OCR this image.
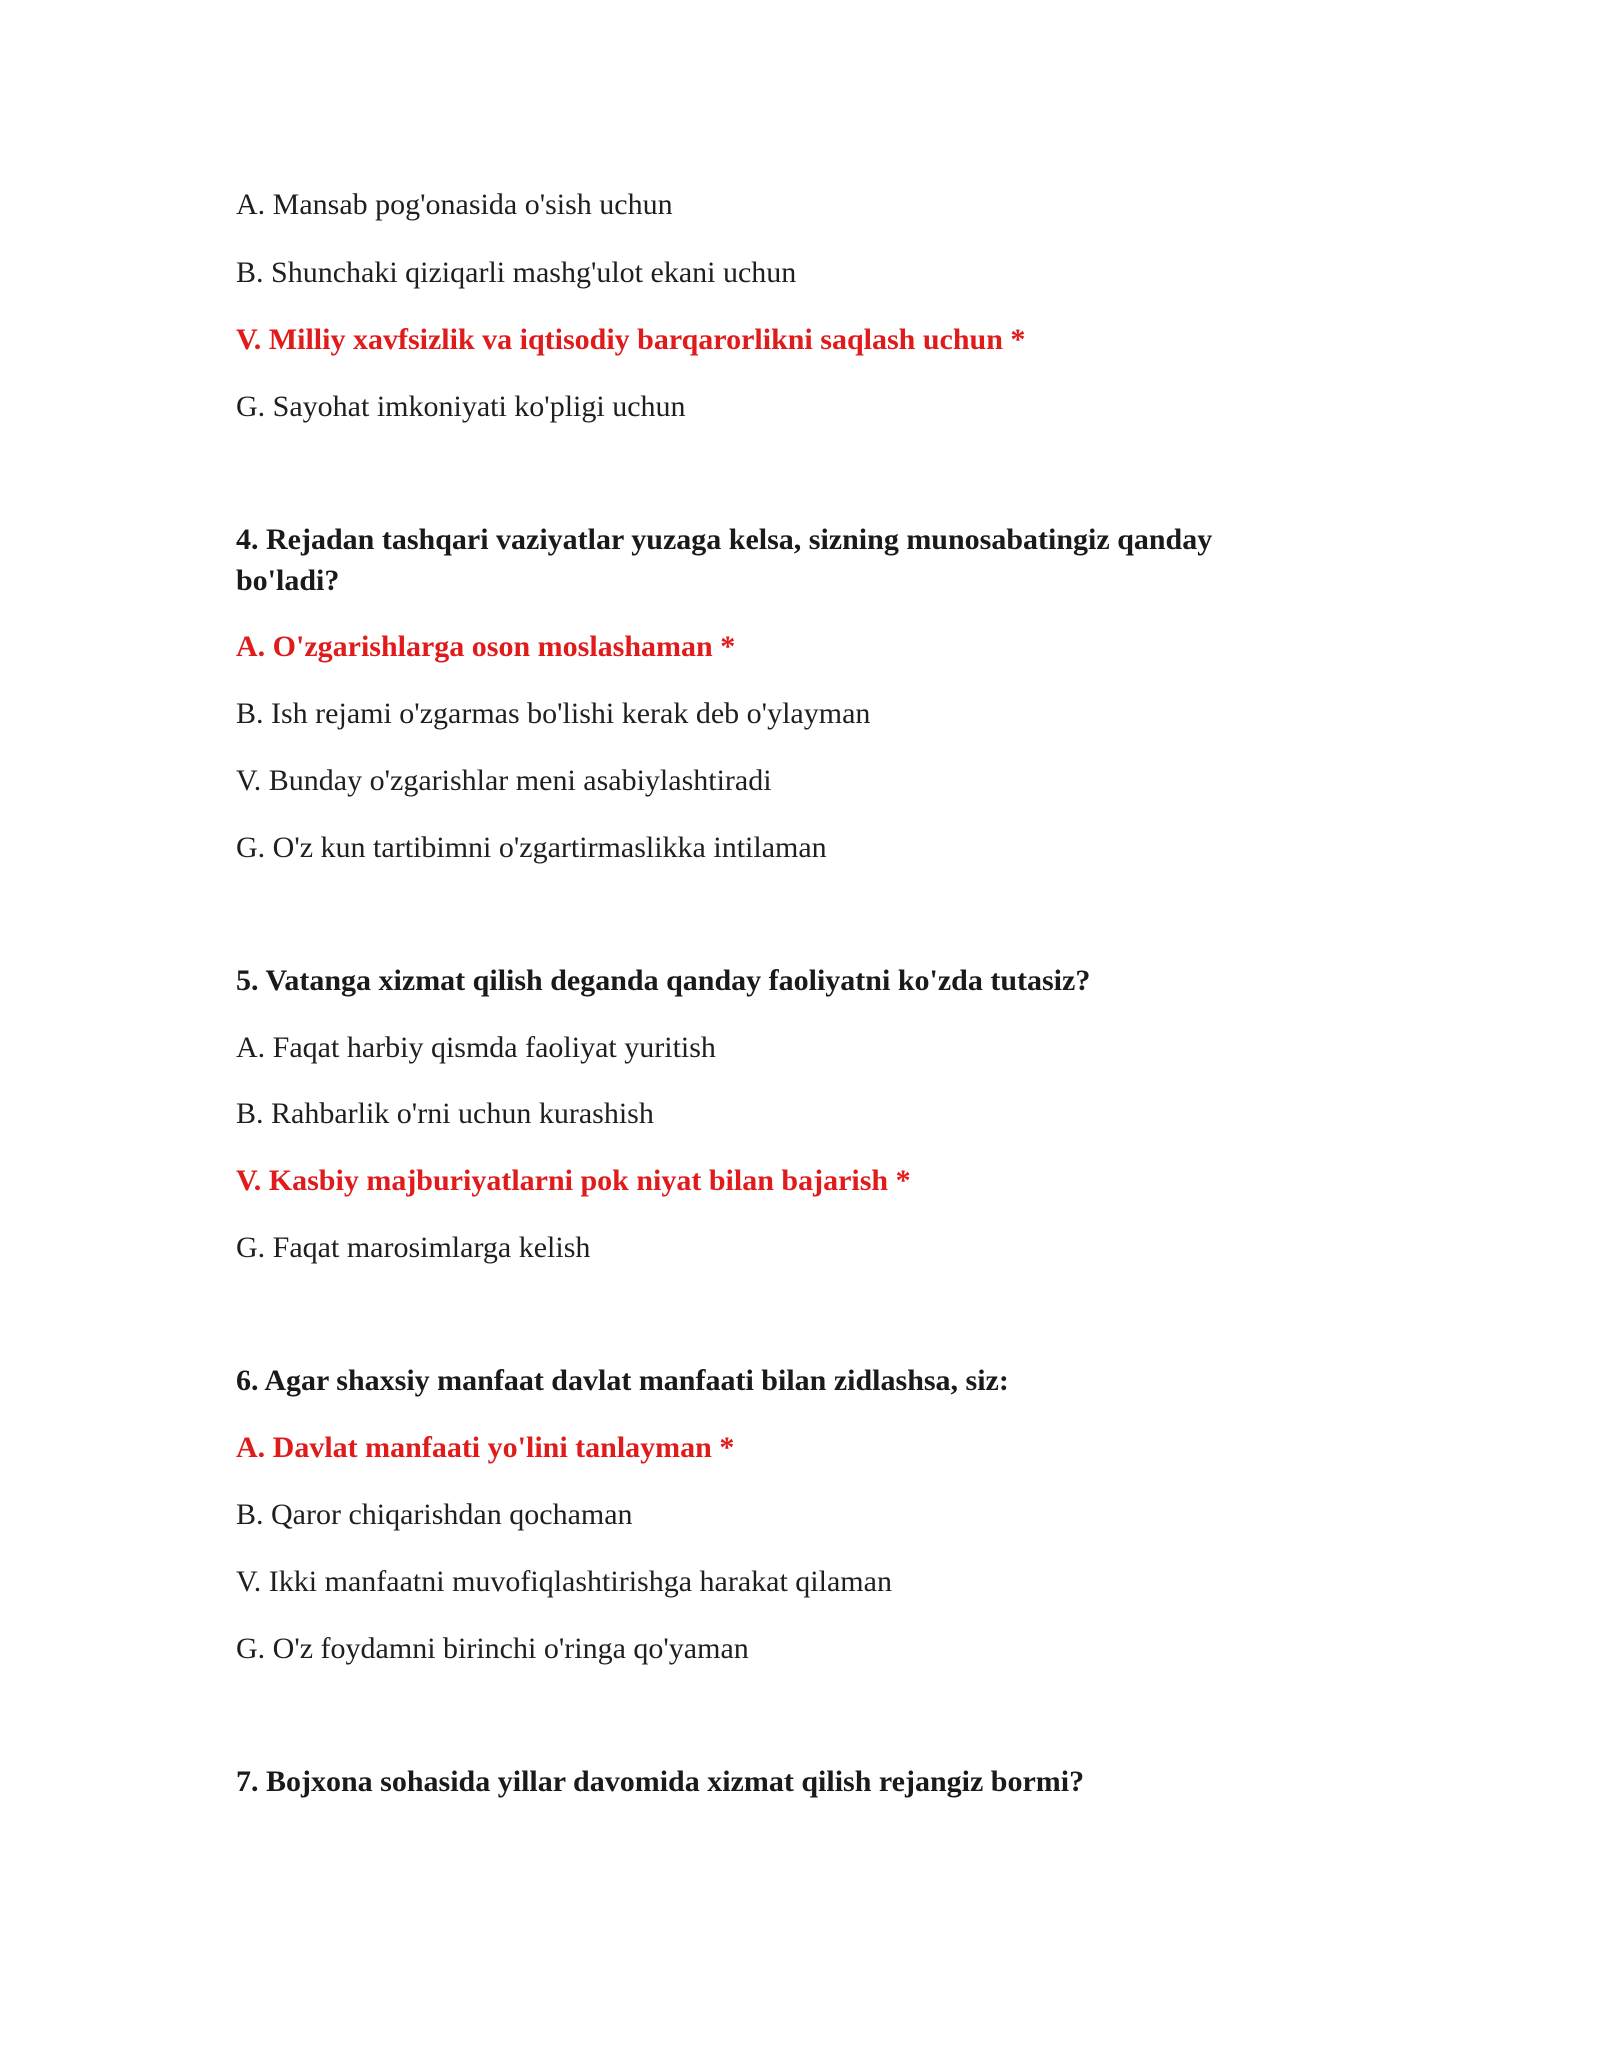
A. Mansab pog'onasida o'sish uchun

B. Shunchaki qiziqarli mashg'ulot ekani uchun

V. Milliy xavfsizlik va iqtisodiy barqarorlikni saqlash uchun *

G. Sayohat imkoniyati ko'pligi uchun

4. Rejadan tashqari vaziyatlar yuzaga kelsa, sizning munosabatingiz qanday bo'ladi?

A. O'zgarishlarga oson moslashaman *

B. Ish rejami o'zgarmas bo'lishi kerak deb o'ylayman

V. Bunday o'zgarishlar meni asabiylashtiradi

G. O'z kun tartibimni o'zgartirmaslikka intilaman

5. Vatanga xizmat qilish deganda qanday faoliyatni ko'zda tutasiz?

A. Faqat harbiy qismda faoliyat yuritish

B. Rahbarlik o'rni uchun kurashish

V. Kasbiy majburiyatlarni pok niyat bilan bajarish *

G. Faqat marosimlarga kelish

6. Agar shaxsiy manfaat davlat manfaati bilan zidlashsa, siz:

A. Davlat manfaati yo'lini tanlayman *

B. Qaror chiqarishdan qochaman

V. Ikki manfaatni muvofiqlashtirishga harakat qilaman

G. O'z foydamni birinchi o'ringa qo'yaman

7. Bojxona sohasida yillar davomida xizmat qilish rejangiz bormi?
